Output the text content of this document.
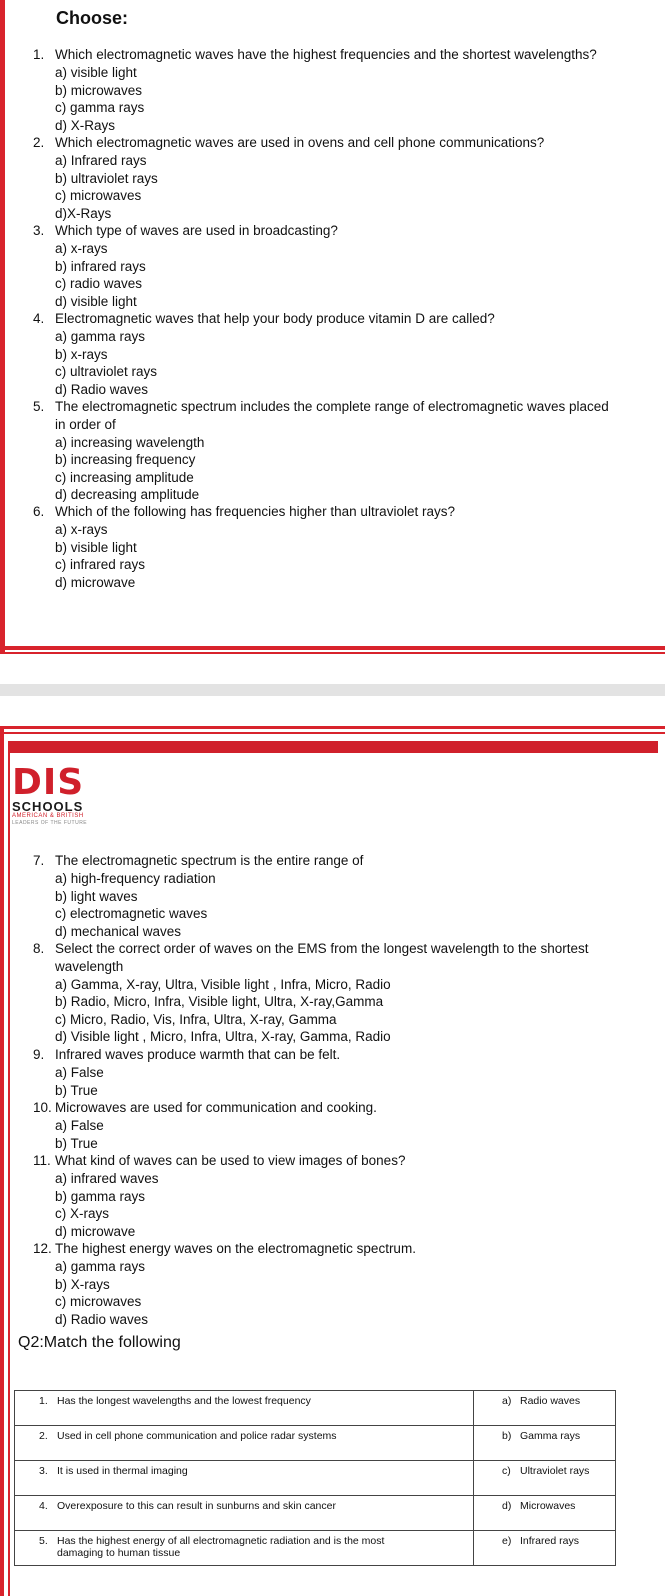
Choose:
1. Which electromagnetic waves have the highest frequencies and the shortest wavelengths?
a) visible light
b) microwaves
c) gamma rays
d) X-Rays
2. Which electromagnetic waves are used in ovens and cell phone communications?
a) Infrared rays
b) ultraviolet rays
c) microwaves
d)X-Rays
3. Which type of waves are used in broadcasting?
a) x-rays
b) infrared rays
c) radio waves
d) visible light
4. Electromagnetic waves that help your body produce vitamin D are called?
a) gamma rays
b) x-rays
c) ultraviolet rays
d) Radio waves
5. The electromagnetic spectrum includes the complete range of electromagnetic waves placed
in order of
a) increasing wavelength
b) increasing frequency
c) increasing amplitude
d) decreasing amplitude
6. Which of the following has frequencies higher than ultraviolet rays?
a) x-rays
b) visible light
c) infrared rays
d) microwave
DIS
SCHOOLS
AMERICAN & BRITISH
LEADERS OF THE FUTURE
7. The electromagnetic spectrum is the entire range of
a) high-frequency radiation
b) light waves
c) electromagnetic waves
d) mechanical waves
8. Select the correct order of waves on the EMS from the longest wavelength to the shortest
wavelength
a) Gamma, X-ray, Ultra, Visible light , Infra, Micro, Radio
b) Radio, Micro, Infra, Visible light, Ultra, X-ray,Gamma
c) Micro, Radio, Vis, Infra, Ultra, X-ray, Gamma
d) Visible light , Micro, Infra, Ultra, X-ray, Gamma, Radio
9. Infrared waves produce warmth that can be felt.
a) False
b) True
10. Microwaves are used for communication and cooking.
a) False
b) True
11. What kind of waves can be used to view images of bones?
a) infrared waves
b) gamma rays
c) X-rays
d) microwave
12. The highest energy waves on the electromagnetic spectrum.
a) gamma rays
b) X-rays
c) microwaves
d) Radio waves
Q2:Match the following
1. Has the longest wavelengths and the lowest frequency	a) Radio waves
2. Used in cell phone communication and police radar systems	b) Gamma rays
3. It is used in thermal imaging	c) Ultraviolet rays
4. Overexposure to this can result in sunburns and skin cancer	d) Microwaves
5. Has the highest energy of all electromagnetic radiation and is the most
damaging to human tissue	e) Infrared rays
